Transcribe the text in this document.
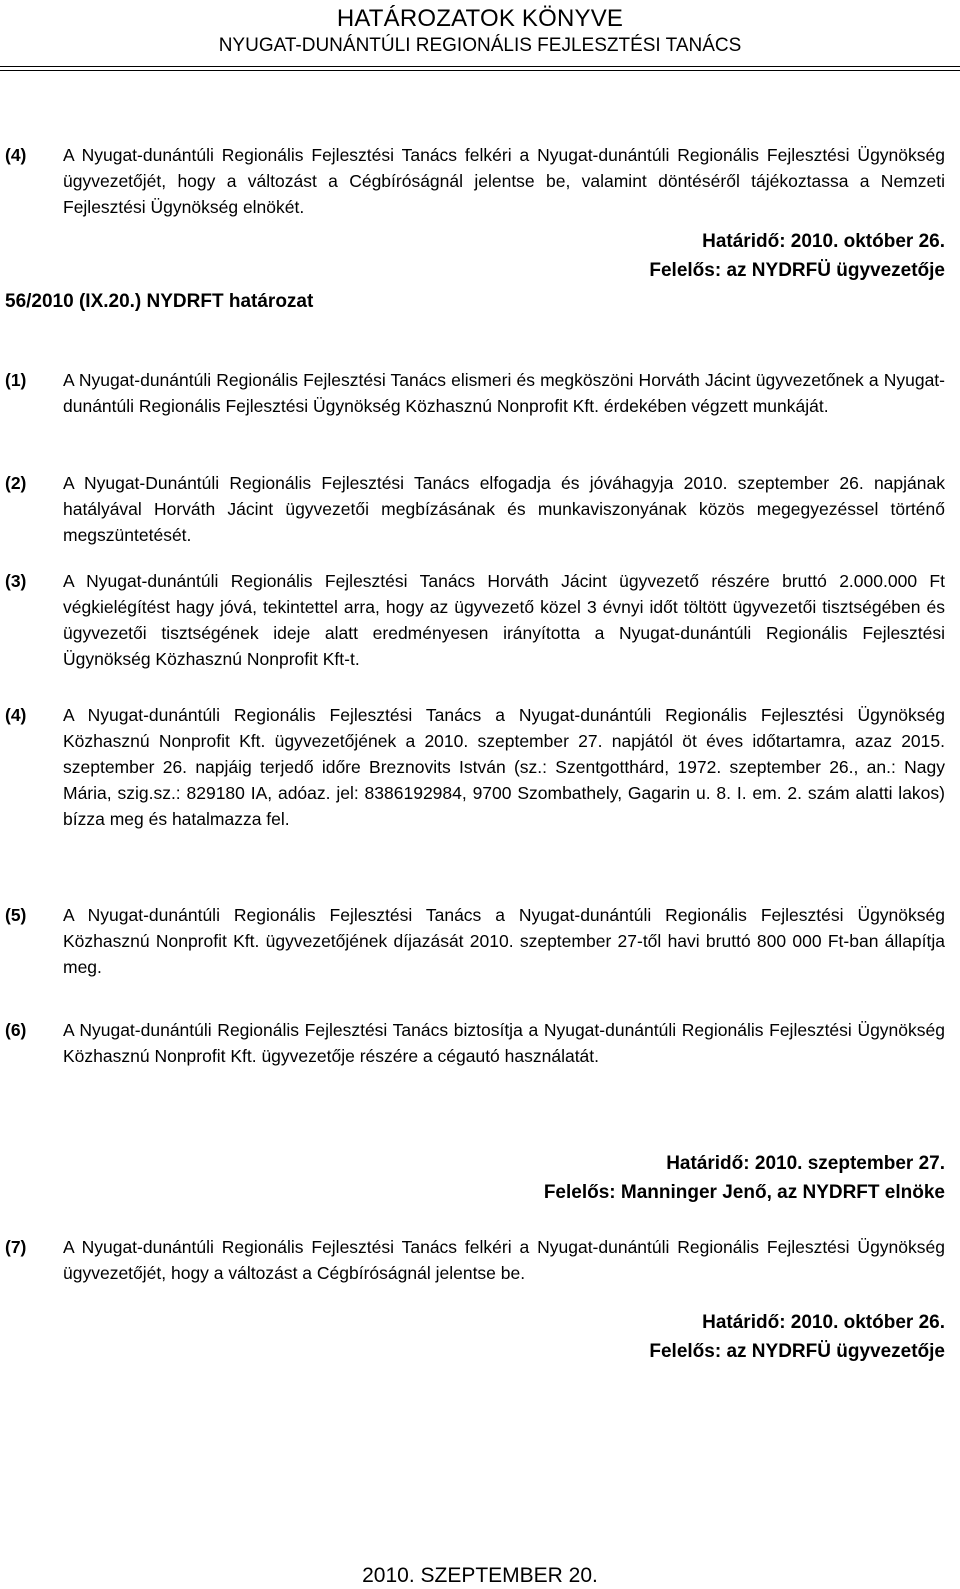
HATÁROZATOK KÖNYVE
NYUGAT-DUNÁNTÚLI REGIONÁLIS FEJLESZTÉSI TANÁCS
(4) A Nyugat-dunántúli Regionális Fejlesztési Tanács felkéri a Nyugat-dunántúli Regionális Fejlesztési Ügynökség ügyvezetőjét, hogy a változást a Cégbíróságnál jelentse be, valamint döntéséről tájékoztassa a Nemzeti Fejlesztési Ügynökség elnökét.
Határidő: 2010. október 26.
Felelős: az NYDRFÜ ügyvezetője
56/2010 (IX.20.) NYDRFT határozat
(1) A Nyugat-dunántúli Regionális Fejlesztési Tanács elismeri és megköszöni Horváth Jácint ügyvezetőnek a Nyugat-dunántúli Regionális Fejlesztési Ügynökség Közhasznú Nonprofit Kft. érdekében végzett munkáját.
(2) A Nyugat-Dunántúli Regionális Fejlesztési Tanács elfogadja és jóváhagyja 2010. szeptember 26. napjának hatályával Horváth Jácint ügyvezetői megbízásának és munkaviszonyának közös megegyezéssel történő megszüntetését.
(3) A Nyugat-dunántúli Regionális Fejlesztési Tanács Horváth Jácint ügyvezető részére bruttó 2.000.000 Ft végkielégítést hagy jóvá, tekintettel arra, hogy az ügyvezető közel 3 évnyi időt töltött ügyvezetői tisztségében és ügyvezetői tisztségének ideje alatt eredményesen irányította a Nyugat-dunántúli Regionális Fejlesztési Ügynökség Közhasznú Nonprofit Kft-t.
(4) A Nyugat-dunántúli Regionális Fejlesztési Tanács a Nyugat-dunántúli Regionális Fejlesztési Ügynökség Közhasznú Nonprofit Kft. ügyvezetőjének a 2010. szeptember 27. napjától öt éves időtartamra, azaz 2015. szeptember 26. napjáig terjedő időre Breznovits István (sz.: Szentgotthárd, 1972. szeptember 26., an.: Nagy Mária, szig.sz.: 829180 IA, adóaz. jel: 8386192984, 9700 Szombathely, Gagarin u. 8. I. em. 2. szám alatti lakos) bízza meg és hatalmazza fel.
(5) A Nyugat-dunántúli Regionális Fejlesztési Tanács a Nyugat-dunántúli Regionális Fejlesztési Ügynökség Közhasznú Nonprofit Kft. ügyvezetőjének díjazását 2010. szeptember 27-től havi bruttó 800 000 Ft-ban állapítja meg.
(6) A Nyugat-dunántúli Regionális Fejlesztési Tanács biztosítja a Nyugat-dunántúli Regionális Fejlesztési Ügynökség Közhasznú Nonprofit Kft. ügyvezetője részére a cégautó használatát.
Határidő: 2010. szeptember 27.
Felelős: Manninger Jenő, az NYDRFT elnöke
(7) A Nyugat-dunántúli Regionális Fejlesztési Tanács felkéri a Nyugat-dunántúli Regionális Fejlesztési Ügynökség ügyvezetőjét, hogy a változást a Cégbíróságnál jelentse be.
Határidő: 2010. október 26.
Felelős: az NYDRFÜ ügyvezetője
2010. SZEPTEMBER 20.
